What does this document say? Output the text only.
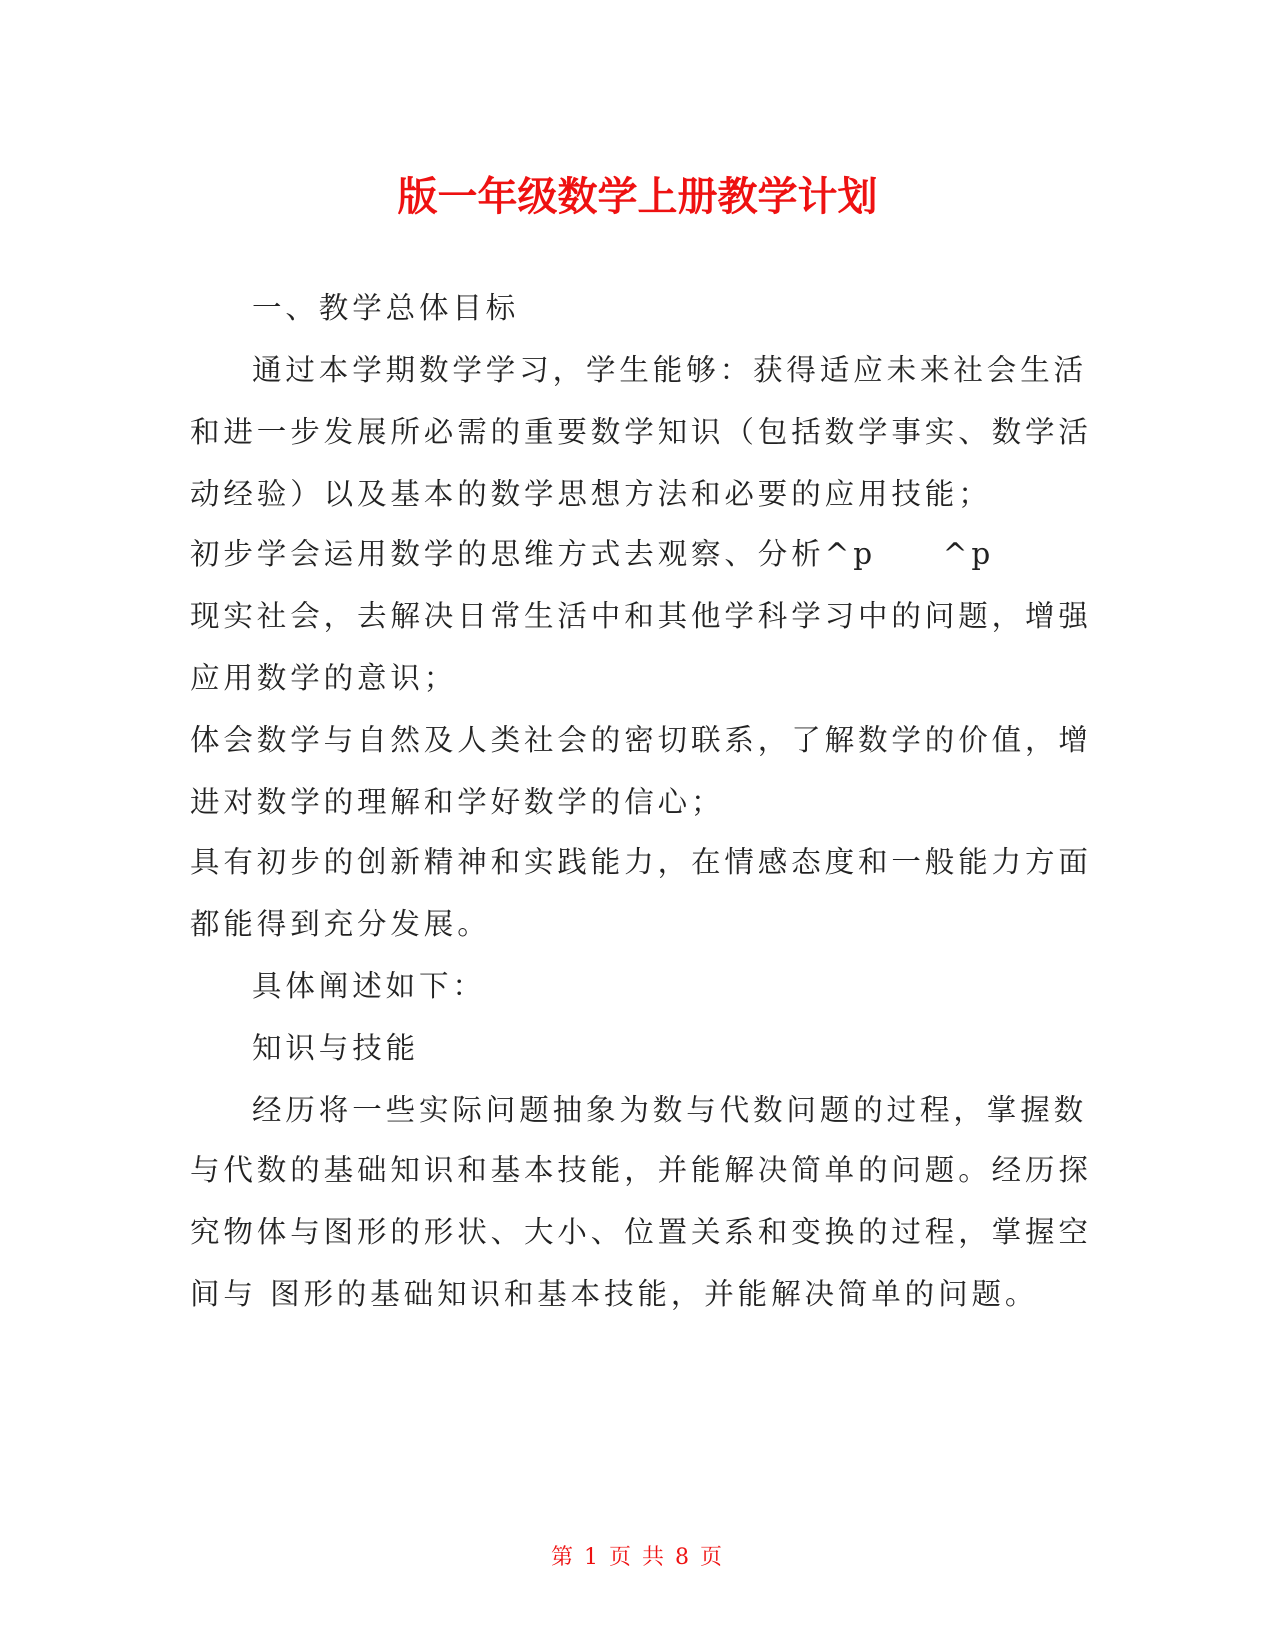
版一年级数学上册教学计划

一、教学总体目标

通过本学期数学学习，学生能够：获得适应未来社会生活

和进一步发展所必需的重要数学知识（包括数学事实、数学活

动经验）以及基本的数学思想方法和必要的应用技能；

初步学会运用数学的思维方式去观察、分析^p　　^p

现实社会，去解决日常生活中和其他学科学习中的问题，增强

应用数学的意识；

体会数学与自然及人类社会的密切联系，了解数学的价值，增

进对数学的理解和学好数学的信心；

具有初步的创新精神和实践能力，在情感态度和一般能力方面

都能得到充分发展。

具体阐述如下：

知识与技能

经历将一些实际问题抽象为数与代数问题的过程，掌握数

与代数的基础知识和基本技能，并能解决简单的问题。经历探

究物体与图形的形状、大小、位置关系和变换的过程，掌握空

间与 图形的基础知识和基本技能，并能解决简单的问题。

第 1 页 共 8 页
